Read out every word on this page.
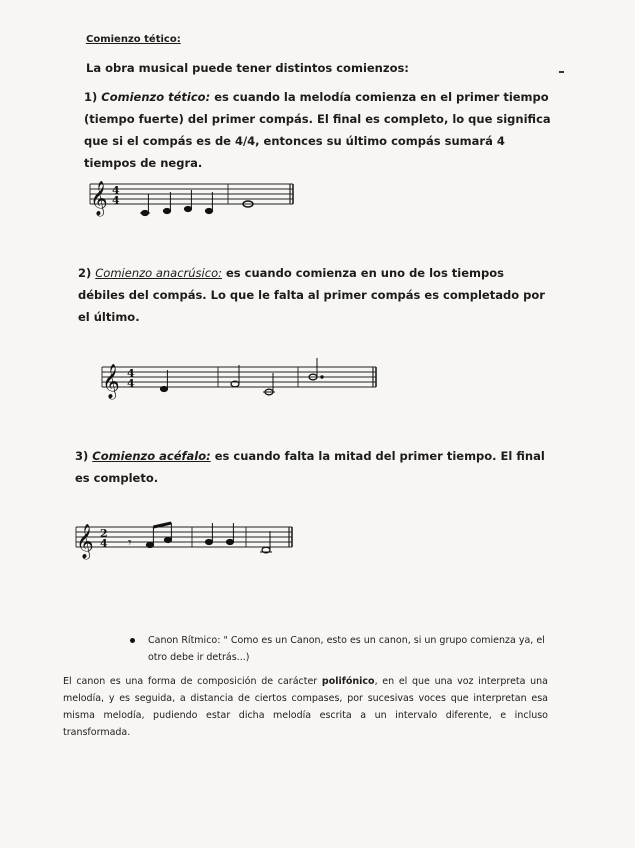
Comienzo tético:
La obra musical puede tener distintos comienzos:
1) Comienzo tético: es cuando la melodía comienza en el primer tiempo (tiempo fuerte) del primer compás. El final es completo, lo que significa que si el compás es de 4/4, entonces su último compás sumará 4 tiempos de negra.
𝄞 4
4
2) Comienzo anacrúsico: es cuando comienza en uno de los tiempos débiles del compás. Lo que le falta al primer compás es completado por el último.
𝄞 4
4
3) Comienzo acéfalo: es cuando falta la mitad del primer tiempo. El final es completo.
𝄞 2
4 𝄾
Canon Rítmico: " Como es un Canon, esto es un canon, si un grupo comienza ya, el otro debe ir detrás...)
El canon es una forma de composición de carácter polifónico, en el que una voz interpreta una melodía, y es seguida, a distancia de ciertos compases, por sucesivas voces que interpretan esa misma melodía, pudiendo estar dicha melodía escrita a un intervalo diferente, e incluso transformada.
